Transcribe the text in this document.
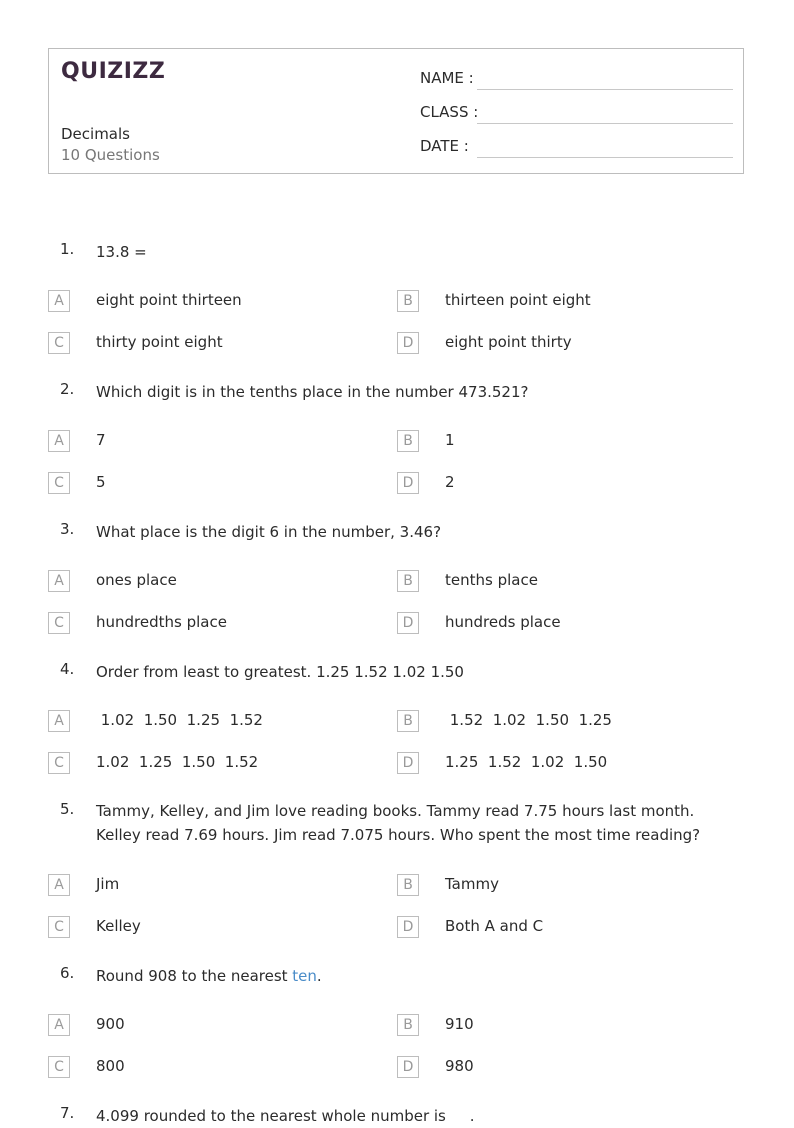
QUIZIZZ
Decimals
10 Questions
NAME :
CLASS :
DATE :
1. 13.8 =
A	eight point thirteen	B	thirteen point eight
C	thirty point eight	D	eight point thirty
2. Which digit is in the tenths place in the number 473.521?
A	7	B	1
C	5	D	2
3. What place is the digit 6 in the number, 3.46?
A	ones place	B	tenths place
C	hundredths place	D	hundreds place
4. Order from least to greatest. 1.25 1.52 1.02 1.50
A	1.02  1.50  1.25  1.52	B	1.52  1.02  1.50  1.25
C	1.02  1.25  1.50  1.52	D	1.25  1.52  1.02  1.50
5. Tammy, Kelley, and Jim love reading books. Tammy read 7.75 hours last month. Kelley read 7.69 hours. Jim read 7.075 hours. Who spent the most time reading?
A	Jim	B	Tammy
C	Kelley	D	Both A and C
6. Round 908 to the nearest ten.
A	900	B	910
C	800	D	980
7. 4.099 rounded to the nearest whole number is     .
